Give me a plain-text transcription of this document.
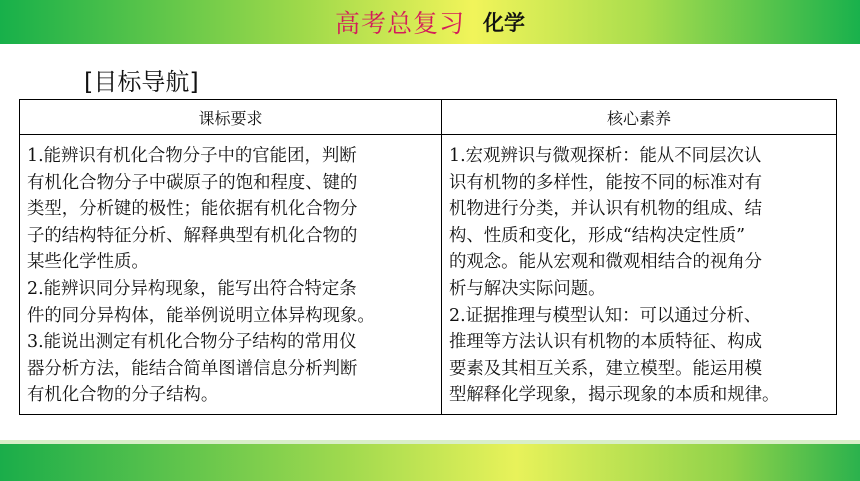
高考总复习 化学
[目标导航]
课标要求	核心素养
1.能辨识有机化合物分子中的官能团，判断
有机化合物分子中碳原子的饱和程度、键的
类型，分析键的极性；能依据有机化合物分
子的结构特征分析、解释典型有机化合物的
某些化学性质。
2.能辨识同分异构现象，能写出符合特定条
件的同分异构体，能举例说明立体异构现象。
3.能说出测定有机化合物分子结构的常用仪
器分析方法，能结合简单图谱信息分析判断
有机化合物的分子结构。
1.宏观辨识与微观探析：能从不同层次认
识有机物的多样性，能按不同的标准对有
机物进行分类，并认识有机物的组成、结
构、性质和变化，形成“结构决定性质”
的观念。能从宏观和微观相结合的视角分
析与解决实际问题。
2.证据推理与模型认知：可以通过分析、
推理等方法认识有机物的本质特征、构成
要素及其相互关系，建立模型。能运用模
型解释化学现象，揭示现象的本质和规律。
